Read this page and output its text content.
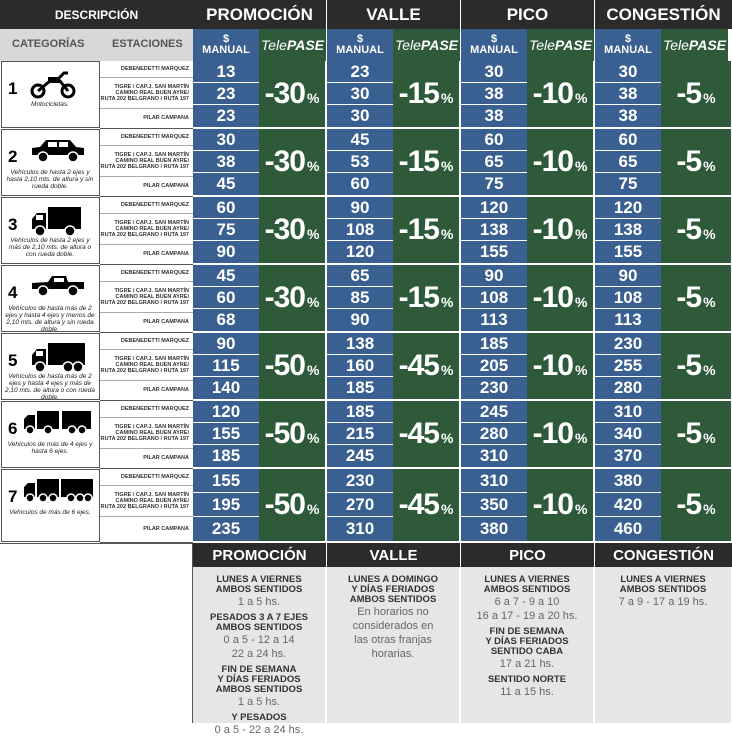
DESCRIPCIÓN
CATEGORÍAS ESTACIONES
PROMOCIÓN
$
MANUAL Tele PASE
VALLE
$
MANUAL Tele PASE
PICO
$
MANUAL Tele PASE
CONGESTIÓN
$
MANUAL Tele PASE
1
Motocicletas.
DEBENEDETTI MARQUEZ
TIGRE / CAP.J. SAN MARTÍN CAMINO REAL BUEN AYRE/ RUTA 202 BELGRANO / RUTA 197
PILAR CAMPANA
13
23
23
-30 %
23
30
30
-15 %
30
38
38
-10 %
30
38
38
-5 %
2
Vehículos de hasta 2 ejes y hasta 2,10 mts. de altura y sin rueda doble.
DEBENEDETTI MARQUEZ
TIGRE / CAP.J. SAN MARTÍN CAMINO REAL BUEN AYRE/ RUTA 202 BELGRANO / RUTA 197
PILAR CAMPANA
30
38
45
-30 %
45
53
60
-15 %
60
65
75
-10 %
60
65
75
-5 %
3
Vehículos de hasta 2 ejes y más de 2,10 mts. de altura o con rueda doble.
DEBENEDETTI MARQUEZ
TIGRE / CAP.J. SAN MARTÍN CAMINO REAL BUEN AYRE/ RUTA 202 BELGRANO / RUTA 197
PILAR CAMPANA
60
75
90
-30 %
90
108
120
-15 %
120
138
155
-10 %
120
138
155
-5 %
4
Vehículos de hasta más de 2 ejes y hasta 4 ejes y menos de 2,10 mts. de altura y sin rueda doble.
DEBENEDETTI MARQUEZ
TIGRE / CAP.J. SAN MARTÍN CAMINO REAL BUEN AYRE/ RUTA 202 BELGRANO / RUTA 197
PILAR CAMPANA
45
60
68
-30 %
65
85
90
-15 %
90
108
113
-10 %
90
108
113
-5 %
5
Vehículos de hasta más de 2 ejes y hasta 4 ejes y más de 2,10 mts. de altura o con rueda doble.
DEBENEDETTI MARQUEZ
TIGRE / CAP.J. SAN MARTÍN CAMINO REAL BUEN AYRE/ RUTA 202 BELGRANO / RUTA 197
PILAR CAMPANA
90
115
140
-50 %
138
160
185
-45 %
185
205
230
-10 %
230
255
280
-5 %
6
Vehículos de más de 4 ejes y hasta 6 ejes.
DEBENEDETTI MARQUEZ
TIGRE / CAP.J. SAN MARTÍN CAMINO REAL BUEN AYRE/ RUTA 202 BELGRANO / RUTA 197
PILAR CAMPANA
120
155
185
-50 %
185
215
245
-45 %
245
280
310
-10 %
310
340
370
-5 %
7
Vehículos de más de 6 ejes.
DEBENEDETTI MARQUEZ
TIGRE / CAP.J. SAN MARTÍN CAMINO REAL BUEN AYRE/ RUTA 202 BELGRANO / RUTA 197
PILAR CAMPANA
155
195
235
-50 %
230
270
310
-45 %
310
350
380
-10 %
380
420
460
-5 %
PROMOCIÓN
LUNES A VIERNES
AMBOS SENTIDOS
1 a 5 hs.
PESADOS 3 A 7 EJES
AMBOS SENTIDOS
0 a 5 - 12 a 14
22 a 24 hs.
FIN DE SEMANA
Y DÍAS FERIADOS
AMBOS SENTIDOS
1 a 5 hs.
Y PESADOS
0 a 5 - 22 a 24 hs.
VALLE
LUNES A DOMINGO
Y DÍAS FERIADOS
AMBOS SENTIDOS
En horarios no
considerados en
las otras franjas
horarias.
PICO
LUNES A VIERNES
AMBOS SENTIDOS
6 a 7 - 9 a 10
16 a 17 - 19 a 20 hs.
FIN DE SEMANA
Y DÍAS FERIADOS
SENTIDO CABA
17 a 21 hs.
SENTIDO NORTE
11 a 15 hs.
CONGESTIÓN
LUNES A VIERNES
AMBOS SENTIDOS
7 a 9 - 17 a 19 hs.
